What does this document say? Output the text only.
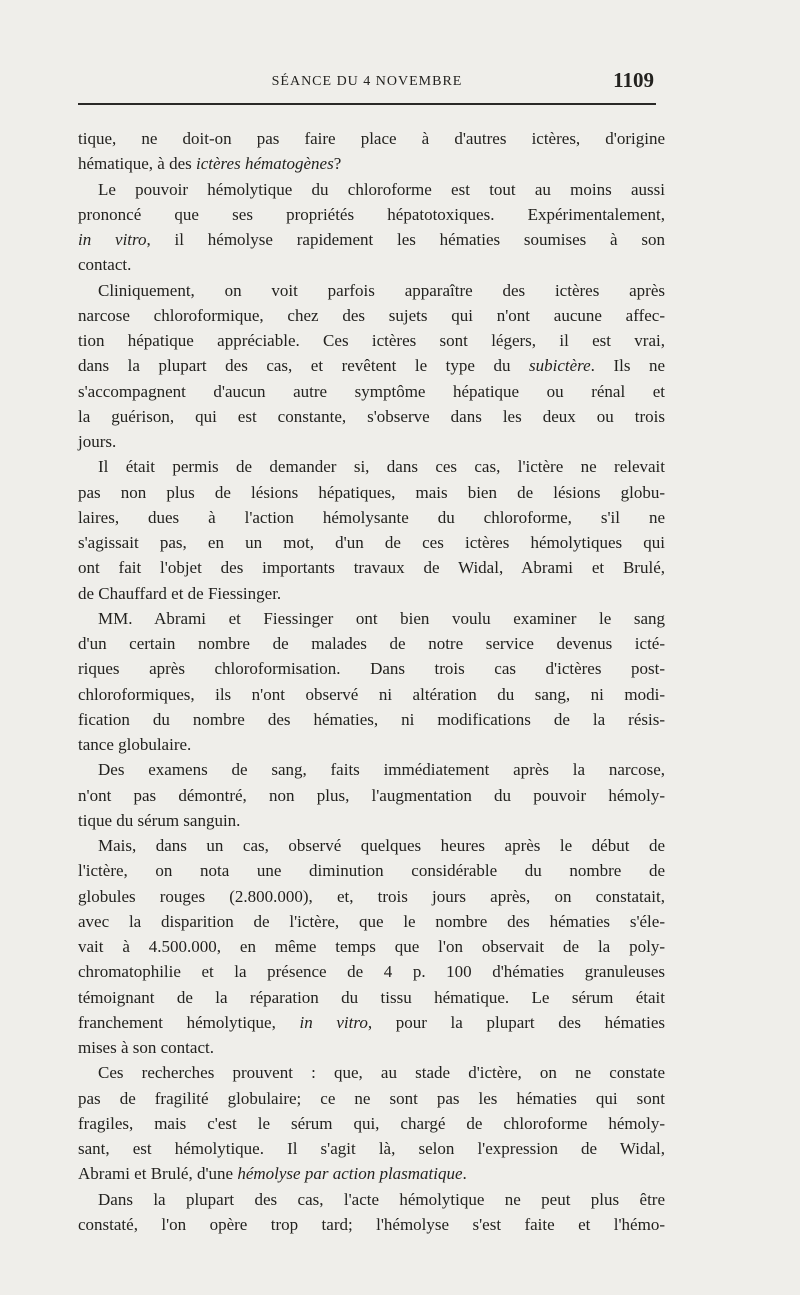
SÉANCE DU 4 NOVEMBRE	1109

tique, ne doit-on pas faire place à d'autres ictères, d'origine

hématique, à des ictères hématogènes?

Le pouvoir hémolytique du chloroforme est tout au moins aussi

prononcé que ses propriétés hépatotoxiques. Expérimentalement,

in vitro, il hémolyse rapidement les hématies soumises à son

contact.

Cliniquement, on voit parfois apparaître des ictères après

narcose chloroformique, chez des sujets qui n'ont aucune affec-

tion hépatique appréciable. Ces ictères sont légers, il est vrai,

dans la plupart des cas, et revêtent le type du subictère. Ils ne

s'accompagnent d'aucun autre symptôme hépatique ou rénal et

la guérison, qui est constante, s'observe dans les deux ou trois

jours.

Il était permis de demander si, dans ces cas, l'ictère ne relevait

pas non plus de lésions hépatiques, mais bien de lésions globu-

laires, dues à l'action hémolysante du chloroforme, s'il ne

s'agissait pas, en un mot, d'un de ces ictères hémolytiques qui

ont fait l'objet des importants travaux de Widal, Abrami et Brulé,

de Chauffard et de Fiessinger.

MM. Abrami et Fiessinger ont bien voulu examiner le sang

d'un certain nombre de malades de notre service devenus icté-

riques après chloroformisation. Dans trois cas d'ictères post-

chloroformiques, ils n'ont observé ni altération du sang, ni modi-

fication du nombre des hématies, ni modifications de la résis-

tance globulaire.

Des examens de sang, faits immédiatement après la narcose,

n'ont pas démontré, non plus, l'augmentation du pouvoir hémoly-

tique du sérum sanguin.

Mais, dans un cas, observé quelques heures après le début de

l'ictère, on nota une diminution considérable du nombre de

globules rouges (2.800.000), et, trois jours après, on constatait,

avec la disparition de l'ictère, que le nombre des hématies s'éle-

vait à 4.500.000, en même temps que l'on observait de la poly-

chromatophilie et la présence de 4 p. 100 d'hématies granuleuses

témoignant de la réparation du tissu hématique. Le sérum était

franchement hémolytique, in vitro, pour la plupart des hématies

mises à son contact.

Ces recherches prouvent : que, au stade d'ictère, on ne constate

pas de fragilité globulaire; ce ne sont pas les hématies qui sont

fragiles, mais c'est le sérum qui, chargé de chloroforme hémoly-

sant, est hémolytique. Il s'agit là, selon l'expression de Widal,

Abrami et Brulé, d'une hémolyse par action plasmatique.

Dans la plupart des cas, l'acte hémolytique ne peut plus être

constaté, l'on opère trop tard; l'hémolyse s'est faite et l'hémo-
